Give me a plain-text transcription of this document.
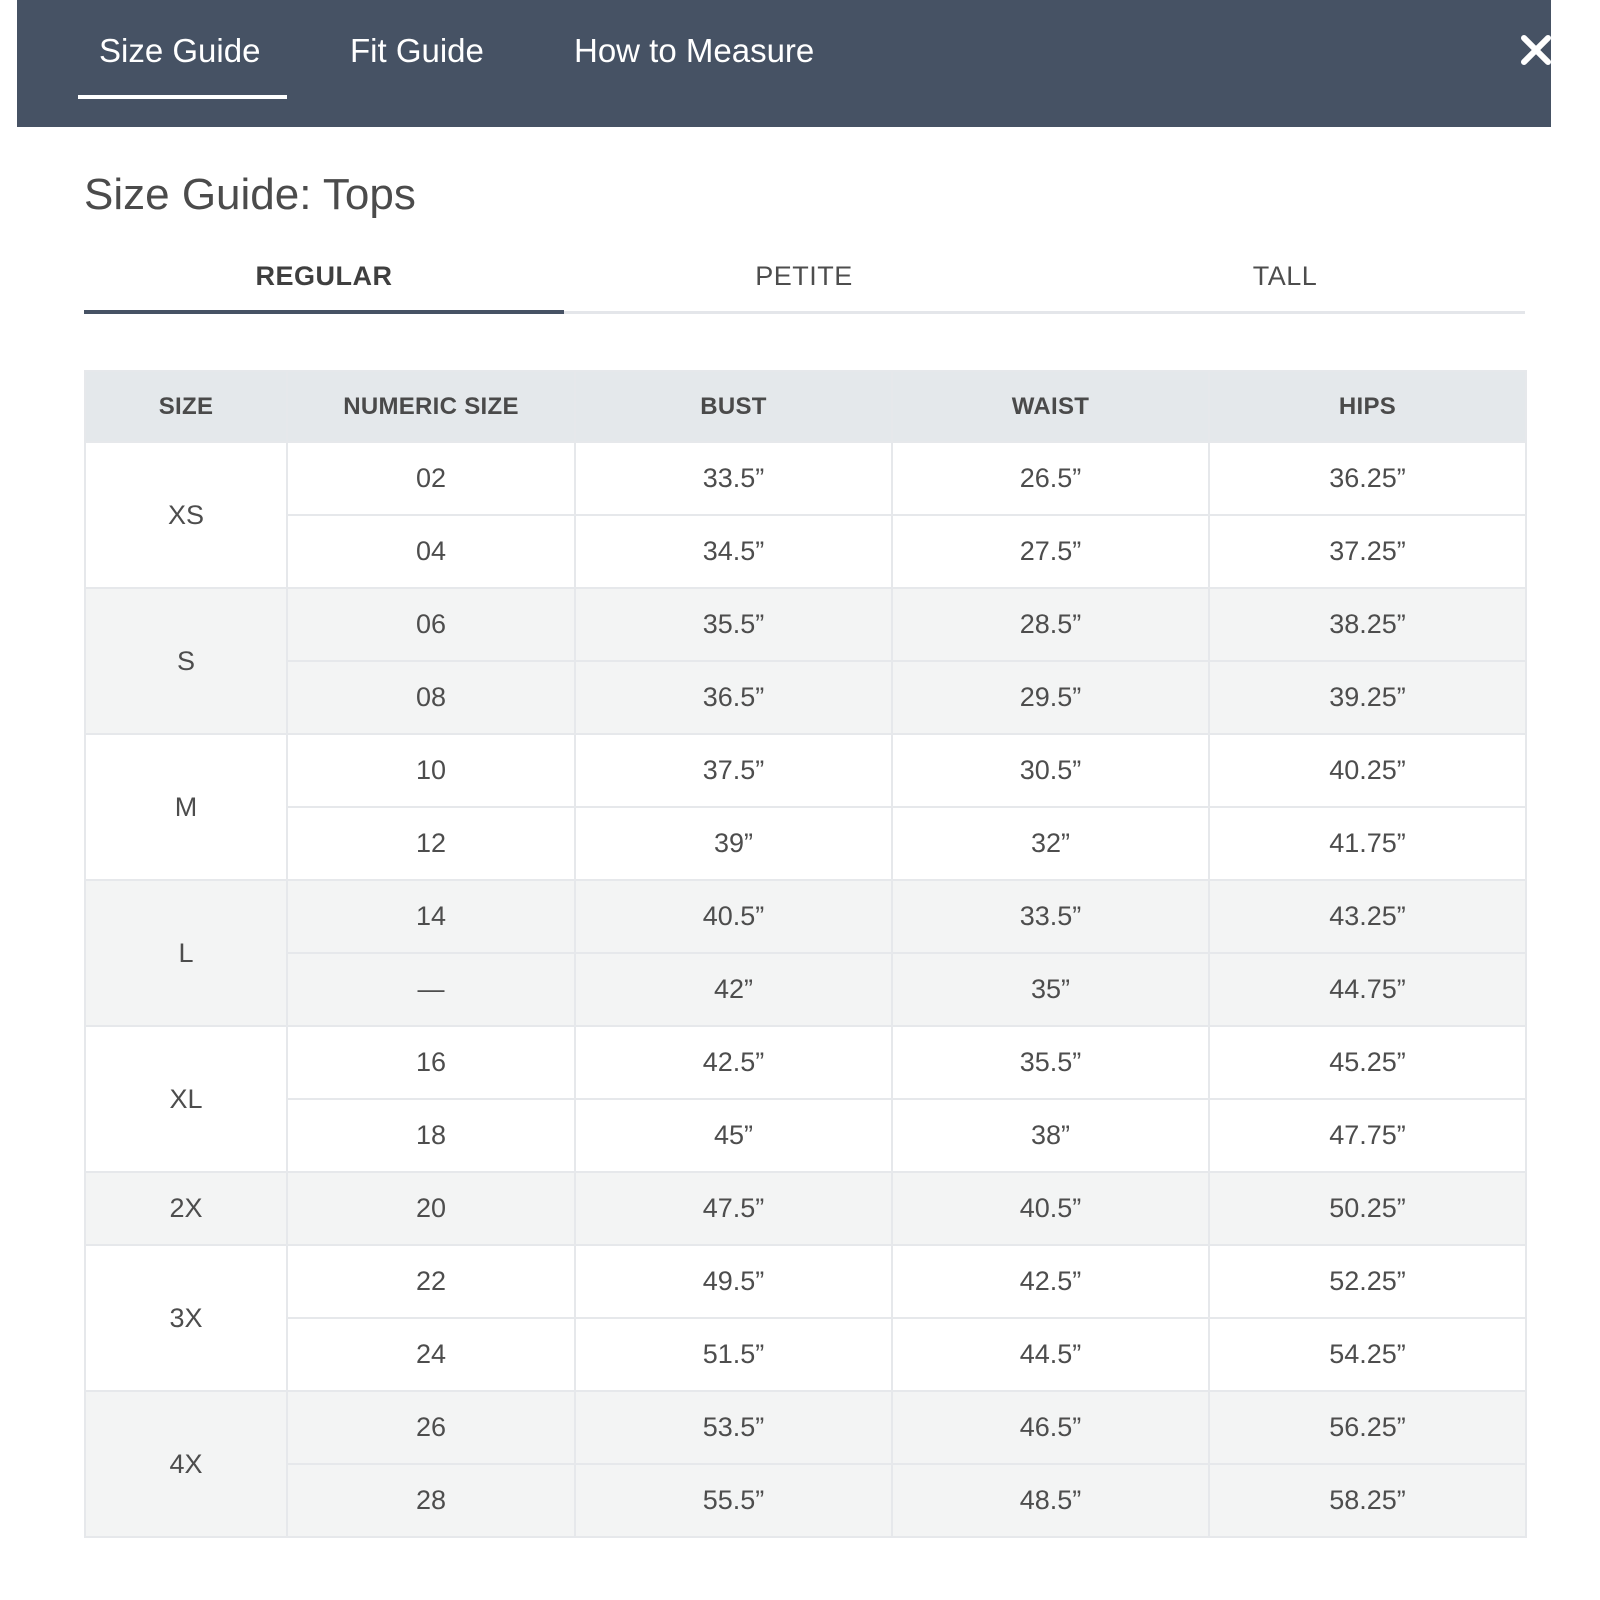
Size Guide	Fit Guide	How to Measure
Size Guide: Tops
REGULAR	PETITE	TALL
SIZE	NUMERIC SIZE	BUST	WAIST	HIPS
XS	02	33.5”	26.5”	36.25”
	04	34.5”	27.5”	37.25”
S	06	35.5”	28.5”	38.25”
	08	36.5”	29.5”	39.25”
M	10	37.5”	30.5”	40.25”
	12	39”	32”	41.75”
L	14	40.5”	33.5”	43.25”
	—	42”	35”	44.75”
XL	16	42.5”	35.5”	45.25”
	18	45”	38”	47.75”
2X	20	47.5”	40.5”	50.25”
3X	22	49.5”	42.5”	52.25”
	24	51.5”	44.5”	54.25”
4X	26	53.5”	46.5”	56.25”
	28	55.5”	48.5”	58.25”
